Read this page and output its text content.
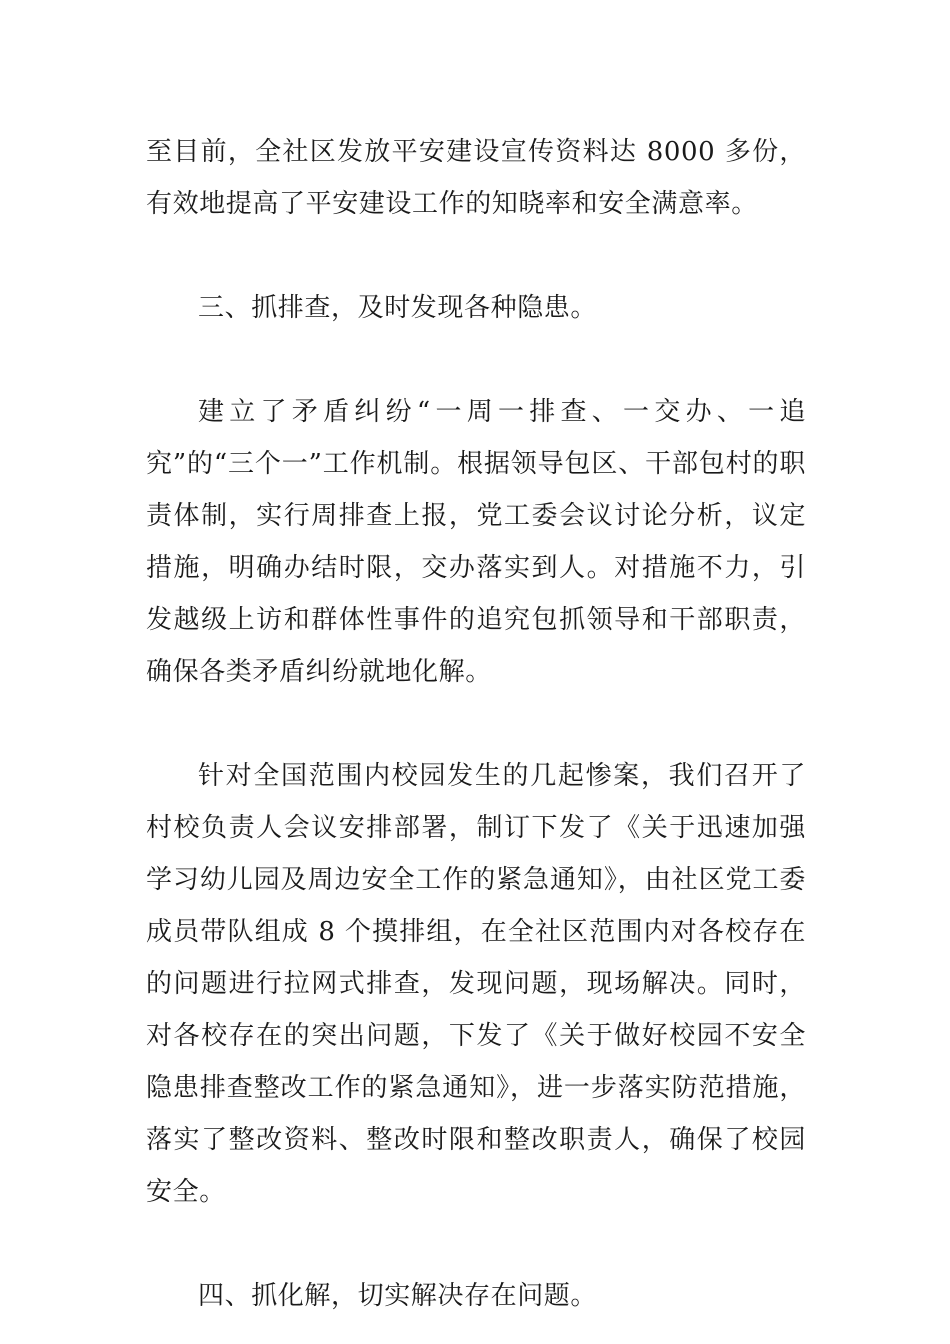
至目前，全社区发放平安建设宣传资料达 8000 多份，有效地提高了平安建设工作的知晓率和安全满意率。

三、抓排查，及时发现各种隐患。

建立了矛盾纠纷“一周一排查、一交办、一追究”的“三个一”工作机制。根据领导包区、干部包村的职责体制，实行周排查上报，党工委会议讨论分析，议定措施，明确办结时限，交办落实到人。对措施不力，引发越级上访和群体性事件的追究包抓领导和干部职责，确保各类矛盾纠纷就地化解。

针对全国范围内校园发生的几起惨案，我们召开了村校负责人会议安排部署，制订下发了《关于迅速加强学习幼儿园及周边安全工作的紧急通知》，由社区党工委成员带队组成 8 个摸排组，在全社区范围内对各校存在的问题进行拉网式排查，发现问题，现场解决。同时，对各校存在的突出问题，下发了《关于做好校园不安全隐患排查整改工作的紧急通知》，进一步落实防范措施，落实了整改资料、整改时限和整改职责人，确保了校园安全。

四、抓化解，切实解决存在问题。
